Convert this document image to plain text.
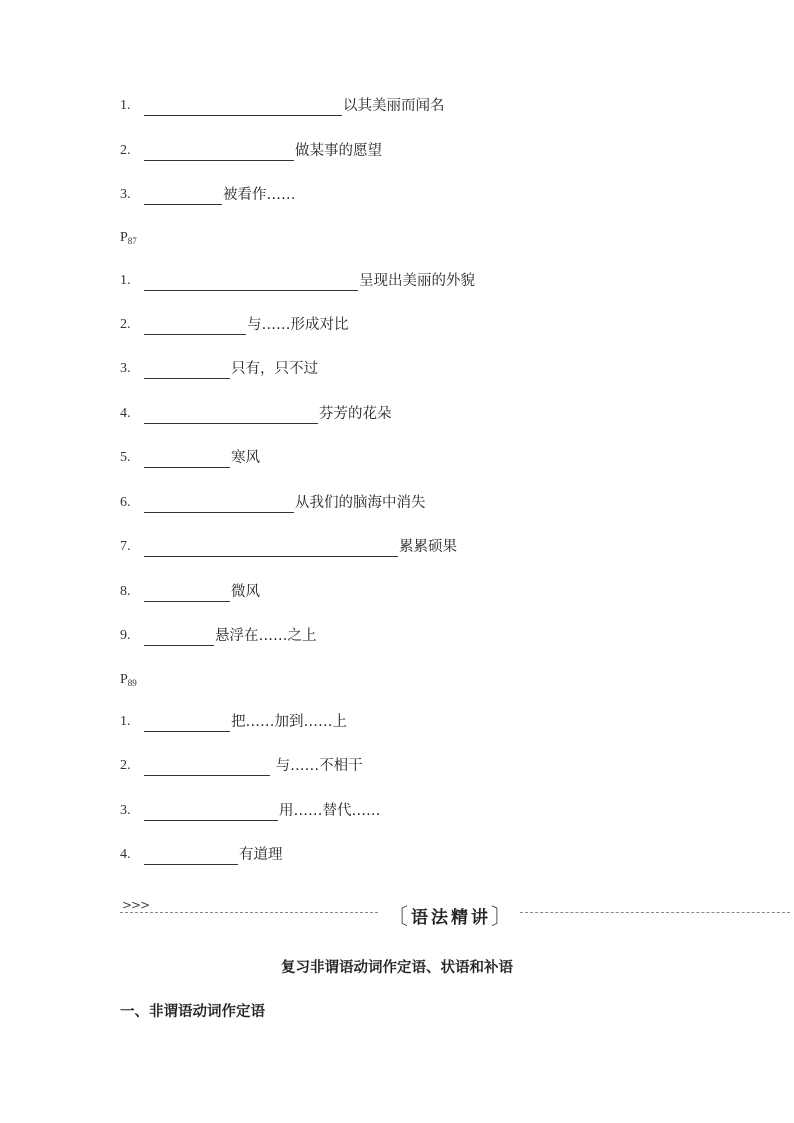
1.	以其美丽而闻名
2.	做某事的愿望
3.	被看作……
$P_{87}$
1.	呈现出美丽的外貌
2.	与……形成对比
3.	只有，只不过
4.	芬芳的花朵
5.	寒风
6.	从我们的脑海中消失
7.	累累硕果
8.	微风
9.	悬浮在……之上
$P_{89}$
1.	把……加到……上
2.	与……不相干
3.	用……替代……
4.	有道理
>>>	〔语法精讲〕
复习非谓语动词作定语、状语和补语
一、非谓语动词作定语
